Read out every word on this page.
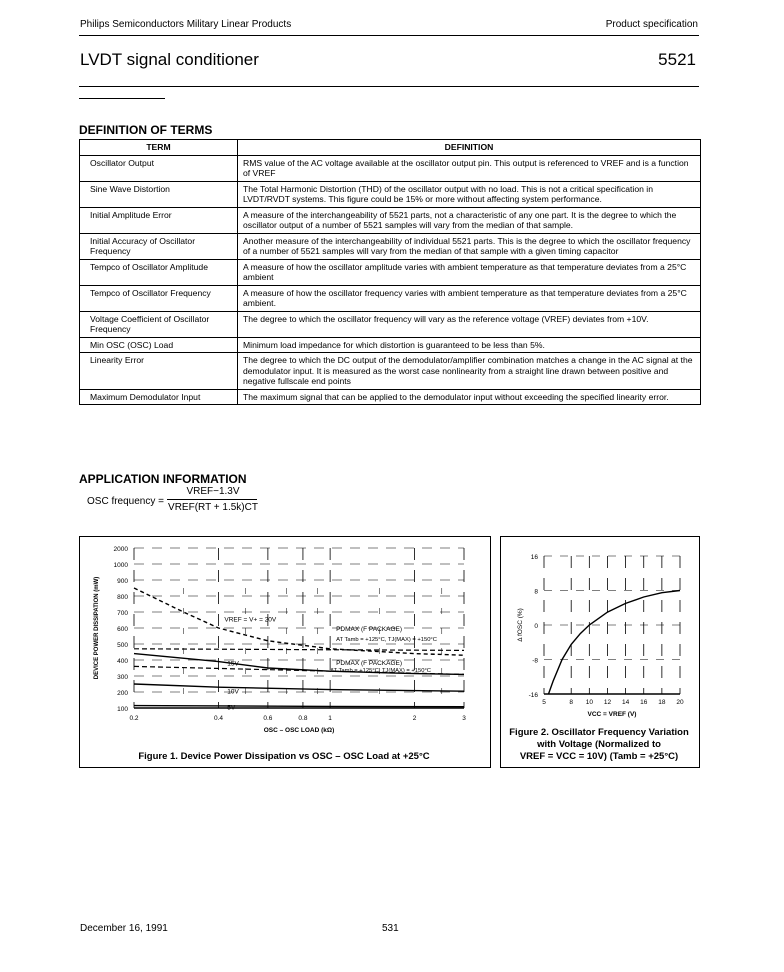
Philips Semiconductors Military Linear Products	Product specification
LVDT signal conditioner	5521
DEFINITION OF TERMS
TERM	DEFINITION
Oscillator Output	RMS value of the AC voltage available at the oscillator output pin. This output is referenced to VREF and is a function of VREF
Sine Wave Distortion	The Total Harmonic Distortion (THD) of the oscillator output with no load. This is not a critical specification in LVDT/RVDT systems. This figure could be 15% or more without affecting system performance.
Initial Amplitude Error	A measure of the interchangeability of 5521 parts, not a characteristic of any one part. It is the degree to which the oscillator output of a number of 5521 samples will vary from the median of that sample.
Initial Accuracy of Oscillator Frequency	Another measure of the interchangeability of individual 5521 parts. This is the degree to which the oscillator frequency of a number of 5521 samples will vary from the median of that sample with a given timing capacitor
Tempco of Oscillator Amplitude	A measure of how the oscillator amplitude varies with ambient temperature as that temperature deviates from a 25°C ambient
Tempco of Oscillator Frequency	A measure of how the oscillator frequency varies with ambient temperature as that temperature deviates from a 25°C ambient.
Voltage Coefficient of Oscillator Frequency	The degree to which the oscillator frequency will vary as the reference voltage (VREF) deviates from +10V.
Min OSC (OSC) Load	Minimum load impedance for which distortion is guaranteed to be less than 5%.
Linearity Error	The degree to which the DC output of the demodulator/amplifier combination matches a change in the AC signal at the demodulator input. It is measured as the worst case nonlinearity from a straight line drawn between positive and negative fullscale end points
Maximum Demodulator Input	The maximum signal that can be applied to the demodulator input without exceeding the specified linearity error.
APPLICATION INFORMATION
OSC frequency =
VREF−1.3V
VREF(RT + 1.5k)CT
2000
1000
900
800
700
600
500
400
300
200
100
0.2	0.4	0.6	0.8	1	2	3
OSC – OSC LOAD (kΩ)
DEVICE POWER DISSIPATION (mW)	VREF = V+ = 20V
PDMAX (F PACKAGE)
AT Tamb = +125°C, TJ(MAX) = +150°C
PDMAX (F PACKAGE)
AT Tamb = +125°C, TJ(MAX) = +150°C
15V
10V
5V
Figure 1. Device Power Dissipation vs OSC – OSC Load at +25°C
16
8
0
-8
-16
5	8 10 12 14 16 18 20
VCC = VREF (V)
Δ fOSC (%)
Figure 2. Oscillator Frequency Variation
with Voltage (Normalized to
VREF = VCC = 10V) (Tamb = +25°C)
December 16, 1991	531
